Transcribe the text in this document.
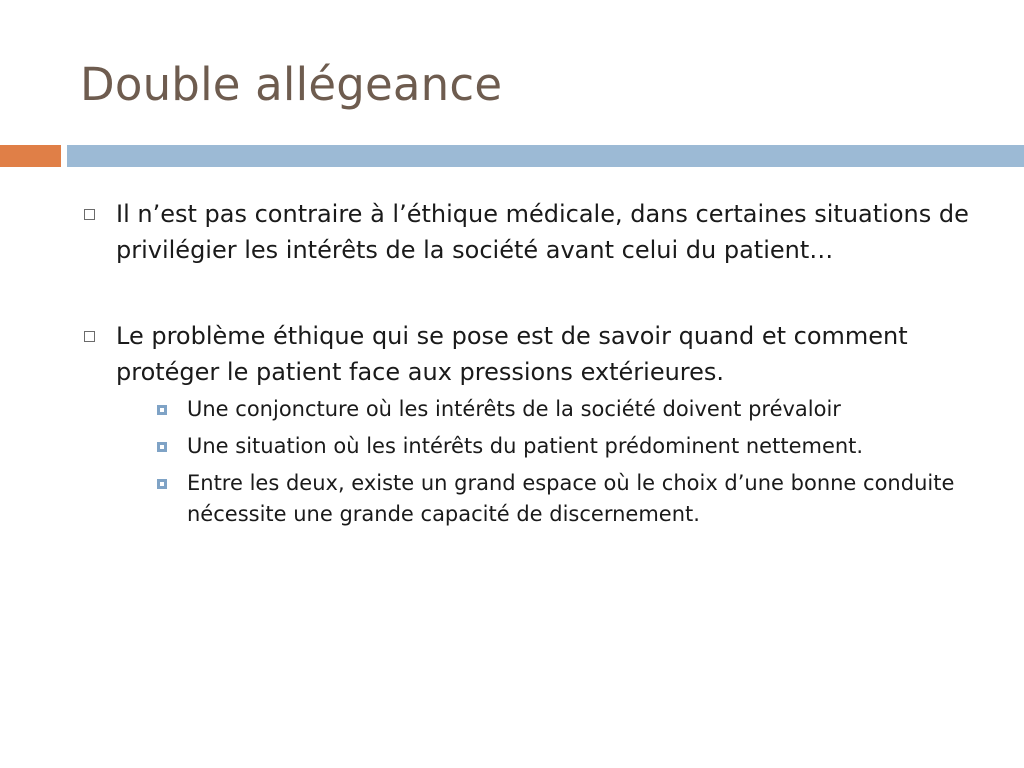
Double allégeance
Il n’est pas contraire à l’éthique médicale, dans certaines situations de privilégier les intérêts de la société avant celui du patient…
Le problème éthique qui se pose est de savoir quand et comment protéger le patient face aux pressions extérieures.
Une conjoncture où les intérêts de la société doivent prévaloir
Une situation où les intérêts du patient prédominent nettement.
Entre les deux, existe un grand espace où le choix d’une bonne conduite nécessite une grande capacité de discernement.
